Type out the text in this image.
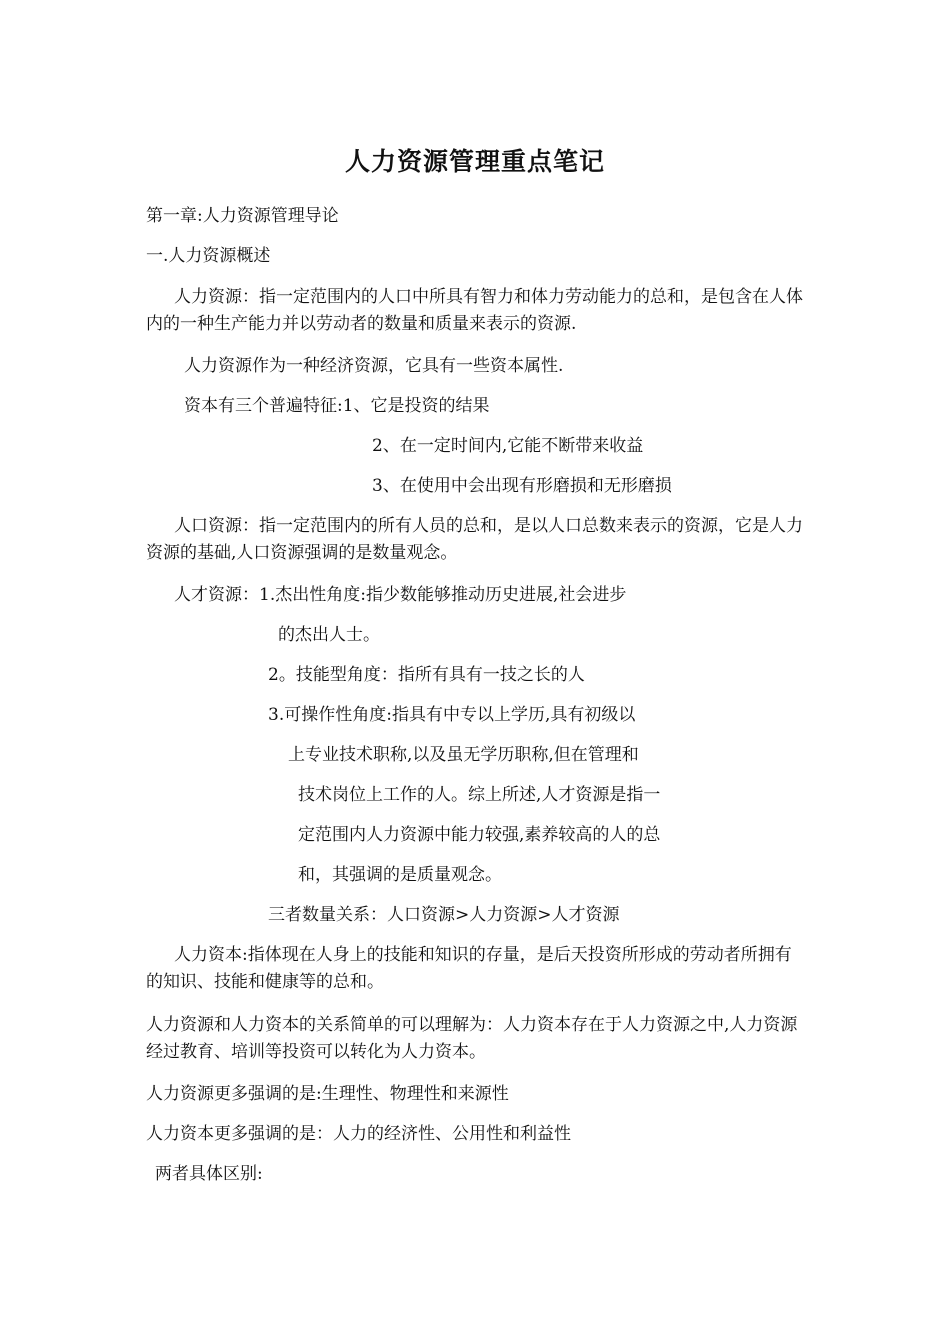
人力资源管理重点笔记
第一章:人力资源管理导论
一.人力资源概述
人力资源：指一定范围内的人口中所具有智力和体力劳动能力的总和，是包含在人体内的一种生产能力并以劳动者的数量和质量来表示的资源.
人力资源作为一种经济资源，它具有一些资本属性.
资本有三个普遍特征:1、它是投资的结果
2、在一定时间内,它能不断带来收益
3、在使用中会出现有形磨损和无形磨损
人口资源：指一定范围内的所有人员的总和，是以人口总数来表示的资源，它是人力资源的基础,人口资源强调的是数量观念。
人才资源：1.杰出性角度:指少数能够推动历史进展,社会进步
的杰出人士。
2。技能型角度：指所有具有一技之长的人
3.可操作性角度:指具有中专以上学历,具有初级以
上专业技术职称,以及虽无学历职称,但在管理和
技术岗位上工作的人。综上所述,人才资源是指一
定范围内人力资源中能力较强,素养较高的人的总
和，其强调的是质量观念。
三者数量关系：人口资源>人力资源>人才资源
人力资本:指体现在人身上的技能和知识的存量，是后天投资所形成的劳动者所拥有的知识、技能和健康等的总和。
人力资源和人力资本的关系简单的可以理解为：人力资本存在于人力资源之中,人力资源经过教育、培训等投资可以转化为人力资本。
人力资源更多强调的是:生理性、物理性和来源性
人力资本更多强调的是：人力的经济性、公用性和利益性
两者具体区别:
